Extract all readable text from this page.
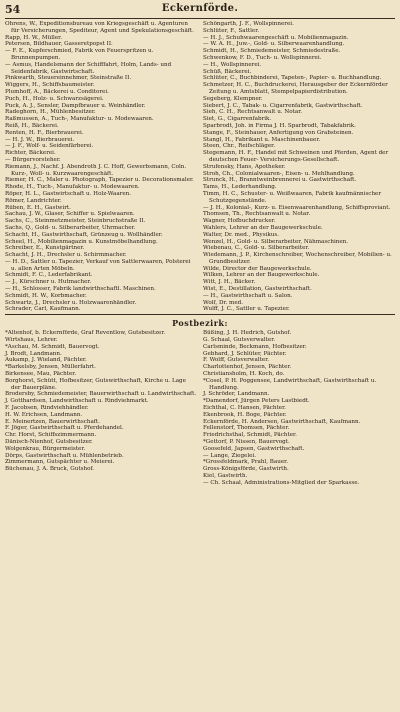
54	Eckernförde.

Ohrens, W., Expeditionsbureau von Kriegsgeschäft u. Agenturen für Versicherungen, Spediteur, Agent und Spekulationsgeschäft.

Rapp, H. W., Müller.

Petersen, Bildhauer, Gasseretpopst II.

— F. E., Kupferschmied, Fabrik von Feuerspritzen u. Brunnenpumpen.

— Asmus, Handelsmann der Schifffahrt, Holm, Lands- und Seidenfabrik, Gastwirtschaft.

Pinkwarth, Steuereinnehmer, Steinstraße II.

Wiggers, H., Schiffsbaumeister.

Plumhoff, A., Bäckerei u. Conditorei.

Puch, H., Holz- u. Schwarzsägerei.

Puck, A. J., Sensler, Dampfbrauer u. Weinhändler.

Radeghorn, H., Mühlenbesitzer.

Raßmussen, A., Tuch-, Manufaktur- u. Modewaaren.

Reiß, H., Bäckerei.

Renten, H. F., Bierbrauerei.

— H. J. W., Bierbrauerei.

— J. F., Wolf- u. Seidenfärberei.

Richter, Bäckerei.

— Bürgervorsteher.

Riemann, J., Nachf. J. Abendroth J. C. Hoff, Gewerbsmann, Coln. Kurz-, Woll- u. Kurzwaarengeschäft.

Riemer, H. C., Maler u. Photograph, Tapezier u. Decorationsmaler.

Rhode, H., Tuch-, Manufaktur- u. Modewaaren.

Röper, H. L., Gastwirtschaft u. Holz-Waaren.

Römer, Landrichter.

Rüben, E. H., Gastwirt.

Sachau, J. W., Glaser, Schiffer u. Spielwaaren.

Sachs, C., Steinmetzmeister, Steinbruchstraße II.

Sachs, Q., Gold- u. Silberarbeiter, Uhrmacher.

Schacht, H., Gastwirthschaft, Grünzeug u. Wollhändler.

Scheel, H., Mobilienmagazin u. Kunstmöbelhandlung.

Schreiber, E., Kunstgärtner.

Schacht, J. H., Drechsler u. Schirmmacher.

— H. D., Sattler u. Tapezier, Verkauf von Sattlerwaaren, Polsterei u. allen Arten Möbeln.

Schmidt, F. C., Lederfabrikant.

— J., Kürschner u. Hutmacher.

— H., Schlosser, Fabrik landwirthschaftl. Maschinen.

Schmidt, H. W., Korbmacher.

Schwartz, J., Drechsler u. Holzwaarenhändler.

Schrader, Carl, Kaufmann.

Schöngarth, J. F., Wollspinnerei.

Schlüter, F., Sattler.

— H. J., Schuhwaarengeschäft u. Mobilienmagazin.

— W. A. H., Juw.-, Gold- u. Silberwaarenhandlung.

Schmidt, H., Schmiedemeister, Schmiedestraße.

Schwenkow, F. D., Tuch- u. Wollspinnerei.

— H., Wollspinnerei.

Schüß, Bäckerei.

Schlüter, C., Buchbinderei, Tapeten-, Papier- u. Buchhandlung.

Schmetzer, H. C., Buchdruckerei, Herausgeber der Eckernförder Zeitung u. Amtsblatt, Stempelpapierdistribution.

Segeberg, Klempner.

Siebert, J. C., Tabak- u. Cigarrenfabrik, Gastwirthschaft.

Sieh, C. H., Rechtsanwalt u. Notar.

Siet, G., Cigarrenfabrik.

Sparbrodt, Joh. in Firma J. H. Sparbrodt, Tabakfabrik.

Stange, F., Steinhauer, Anfertigung von Grabsteinen.

Stangl, H., Fabrikant u. Maschinenbauer.

Steen, Chr., Reifschläger.

Stegemann, H. F., Handel mit Schweinen und Pferden, Agent der deutschen Feuer- Versicherungs-Gesellschaft.

Strufensky, Hans, Apotheker.

Stroh, Ch., Colonialwaaren-, Eisen- u. Mehlhandlung.

Strunck, H., Branntweinbrennerei u. Gastwirthschaft.

Tams, H., Lederhandlung.

Timm, H. C., Schuster- u. Weißwaaren, Fabrik kaufmännischer Schutzgegenstände.

— J. H., Kolonial-, Kurz- u. Eisenwaarenhandlung, Schiffsproviant.

Thomsen, Th., Rechtsanwalt u. Notar.

Wagner, Hofbuchdrucker.

Wahlers, Lehrer an der Baugewerkschule.

Walter, Dr. med., Physikus.

Wenzel, H., Gold- u. Silberarbeiter, Nähmaschinen.

Wiebenau, C., Gold- u. Silberarbeiter.

Wiedemann, J. P., Kirchenschreiber, Wochenschreiber, Mobilien- u. Grundbesitzer.

Wilde, Director der Baugewerkschule.

Wilken, Lehrer an der Baugewerkschule.

Witt, J. H., Bäcker.

Wist, E., Destillation, Gastwirthschaft.

— H., Gastwirthschaft u. Salon.

Wolf, Dr. med.

Wulff, J. C., Sattler u. Tapezier.

Postbezirk:

*Altenhof, b. Eckernförde, Graf Reventlow, Gutsbesitzer.

Wirtshaus, Lehrer.

*Aschau, M. Schmidt, Bauervogt.

J. Brodt, Landmann.

Aukamp, J. Wieland, Pächter.

*Barkelsby, Jensen, Müllerfahrt.

Birkensee, Mau, Pächter.

Borghorst, Schütt, Hofbesitzer, Gutswirthschaft, Kirche u. Lage der Bauerpläne.

Brodersby, Schmiedemeister, Bauerwirthschaft u. Landwirthschaft.

J. Gotthardsen, Landwirthschaft u. Rindviehmarkt.

F. Jacobsen, Rindviehhändler.

H. W. Erichsen, Landmann.

E. Meinertzen, Bauerwirthschaft.

F. Jöger, Gastwirthschaft u. Pferdehandel.

Chr. Horst, Schiffszimmermann.

Dänisch-Nienhof, Gutsbesitzer.

Wolgenkrau, Bürgermeister.

Dörps, Gastwirthschaft u. Mühlenbetrieb.

Zimmermann, Gutspächter u. Meierei.

Büchenau, J. A. Bruck, Gutshof.

Büßing, J. H. Hedrich, Gutshof.

G. Schaal, Gutsverwalter.

Carlsminde, Beckmann, Hofbesitzer.

Gebhard, J. Schlüter, Pächter.

F. Wolff, Gutsverwalter.

Charlottenhof, Jensen, Pächter.

Christiansholm, H. Koch, do.

*Cosel, P. H. Poggensee, Landwirthschaft, Gastwirthschaft u. Handlung.

J. Schröder, Landmann.

*Damendorf, Jürgen Peters Lastbiedt.

Eichthal, C. Hansen, Pächter.

Ekenbrook, H. Boge, Pächter.

Eckernförde, H. Andersen, Gastwirthschaft, Kaufmann.

Fellenstorf, Thomsen, Pächter.

Friedrichsthal, Schmidt, Pächter.

*Gettorf, P. Nissen, Bauervogt.

Goosefeld, Japsen, Gastwirthschaft.

— Lange, Ziegelei.

*Grossfeldmark, Prahl, Bauer.

Gross-Königsförde, Gastwirth.

Kiel, Gastwirth.

— Ch. Schaal, Administrations-Mitglied der Sparkasse.
